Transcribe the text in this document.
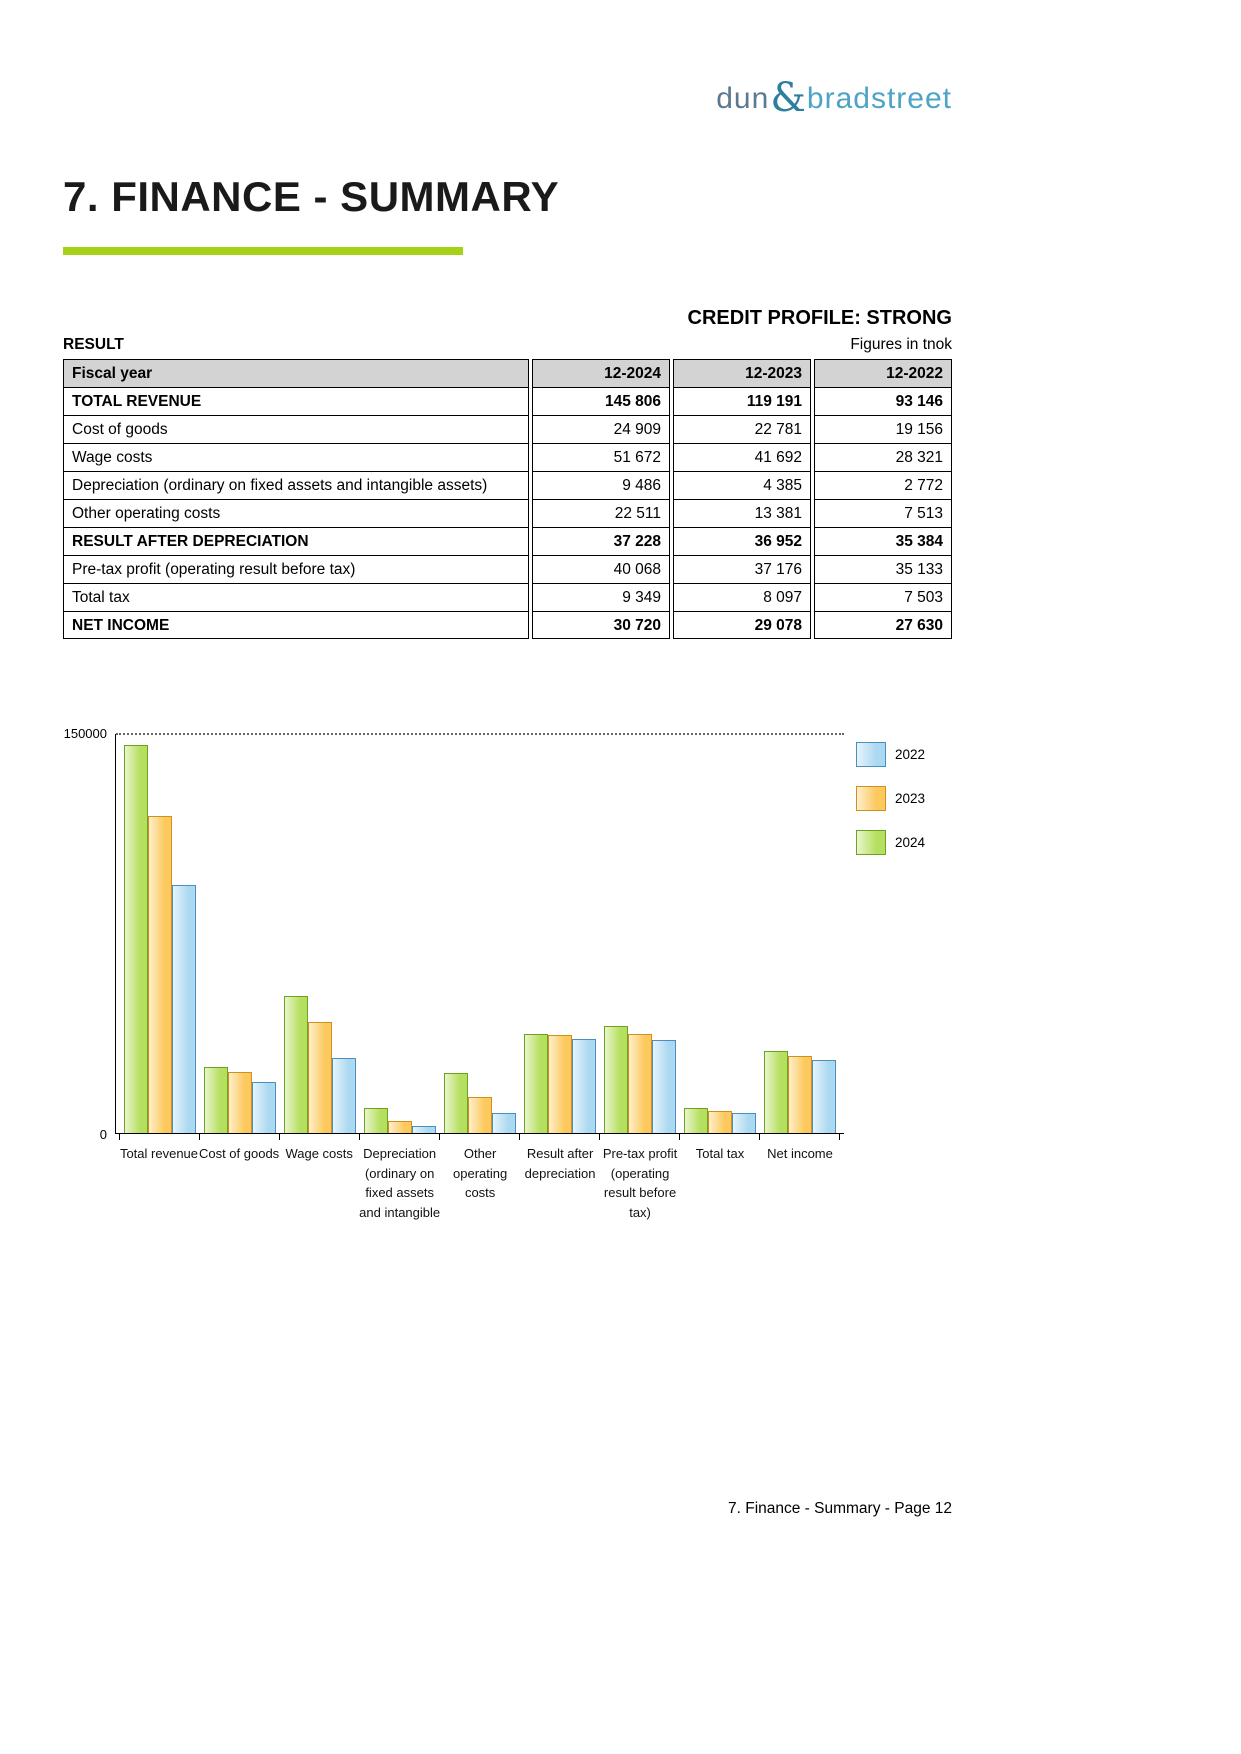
dun&bradstreet
7. FINANCE - SUMMARY
CREDIT PROFILE: STRONG
RESULT	Figures in tnok
Fiscal year	12-2024	12-2023	12-2022
TOTAL REVENUE	145 806	119 191	93 146
Cost of goods	24 909	22 781	19 156
Wage costs	51 672	41 692	28 321
Depreciation (ordinary on fixed assets and intangible assets)	9 486	4 385	2 772
Other operating costs	22 511	13 381	7 513
RESULT AFTER DEPRECIATION	37 228	36 952	35 384
Pre-tax profit (operating result before tax)	40 068	37 176	35 133
Total tax	9 349	8 097	7 503
NET INCOME	30 720	29 078	27 630
150000
0
Total revenue Cost of goods Wage costs Depreciation
(ordinary on
fixed assets
and intangible
Other
operating
costs
Result after
depreciation
Pre-tax profit
(operating
result before
tax)
Total tax	Net income
2022
2023
2024
7. Finance - Summary - Page 12
